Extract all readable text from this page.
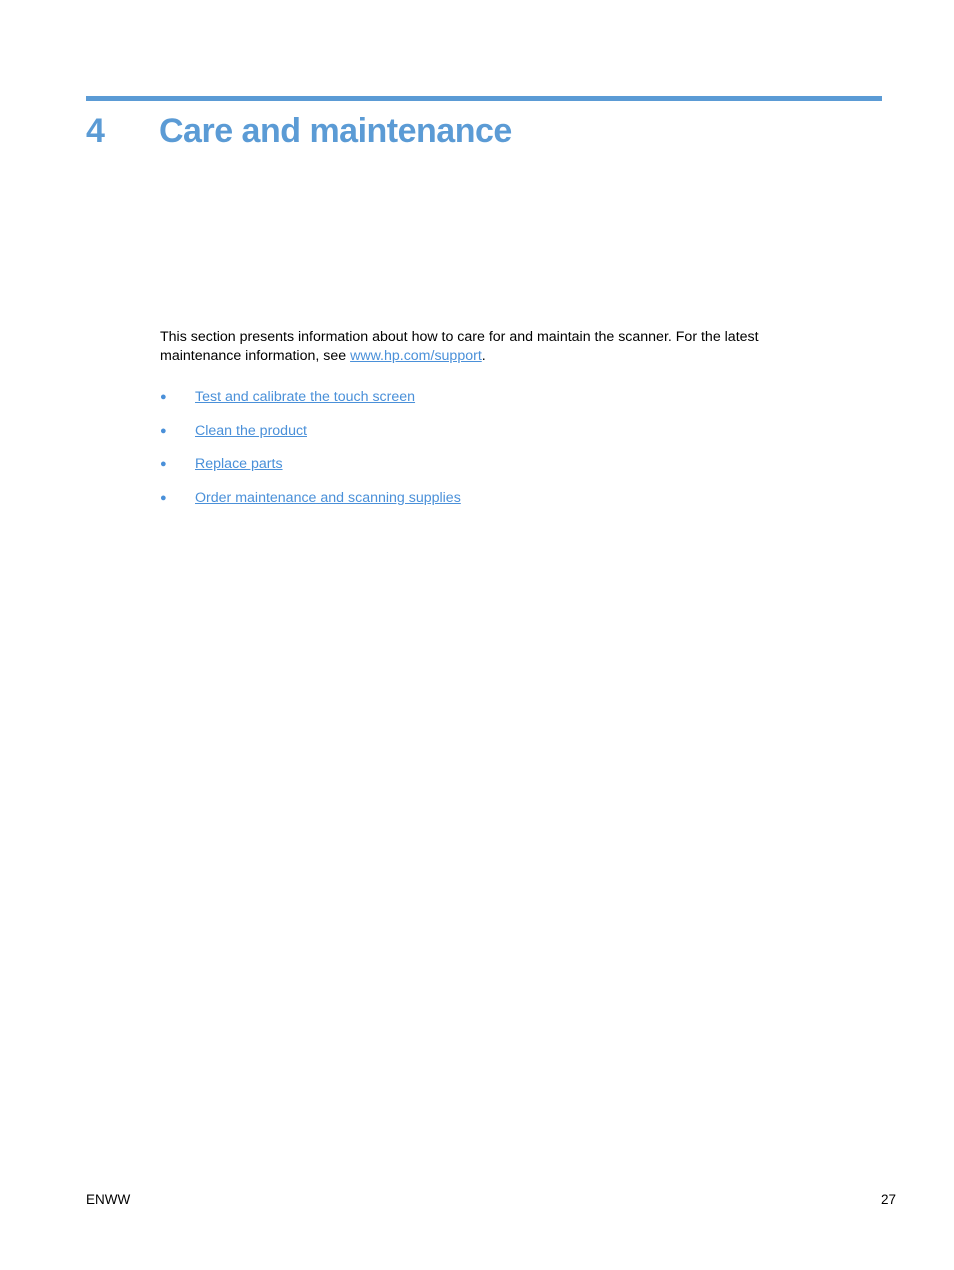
4	Care and maintenance

This section presents information about how to care for and maintain the scanner. For the latest maintenance information, see www.hp.com/support.

●	Test and calibrate the touch screen
●	Clean the product
●	Replace parts
●	Order maintenance and scanning supplies
ENWW	27
